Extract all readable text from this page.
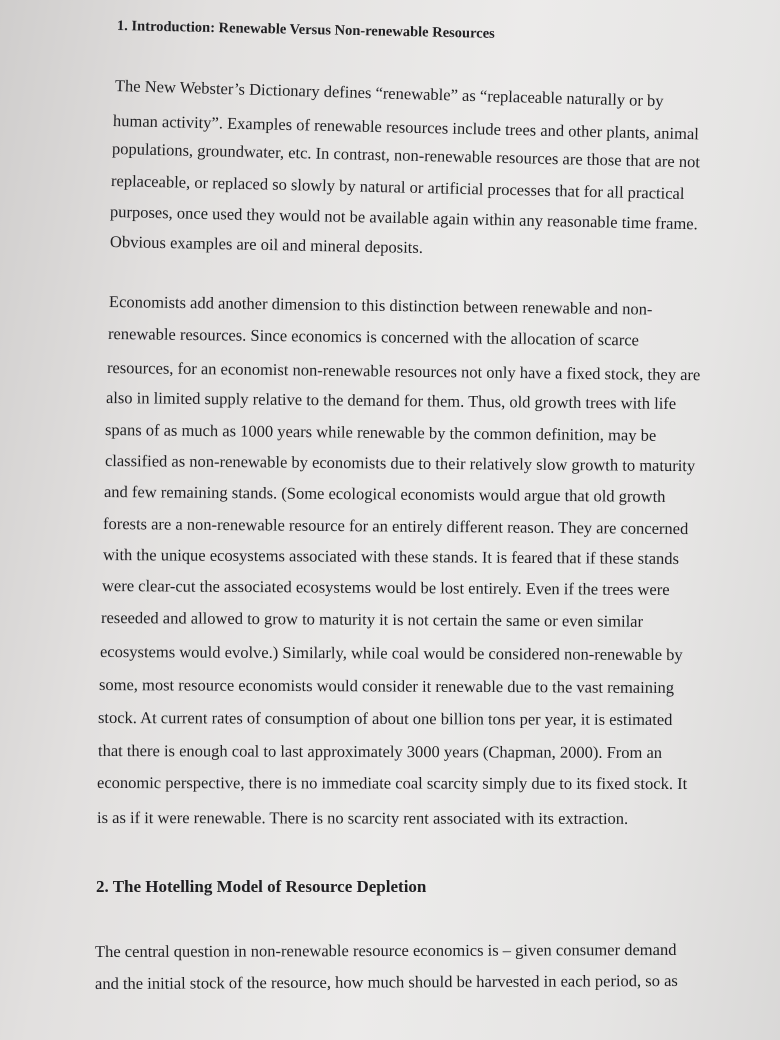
1. Introduction: Renewable Versus Non-renewable Resources
The New Webster’s Dictionary defines “renewable” as “replaceable naturally or by
human activity”. Examples of renewable resources include trees and other plants, animal
populations, groundwater, etc. In contrast, non-renewable resources are those that are not
replaceable, or replaced so slowly by natural or artificial processes that for all practical
purposes, once used they would not be available again within any reasonable time frame.
Obvious examples are oil and mineral deposits.
Economists add another dimension to this distinction between renewable and non-
renewable resources. Since economics is concerned with the allocation of scarce
resources, for an economist non-renewable resources not only have a fixed stock, they are
also in limited supply relative to the demand for them. Thus, old growth trees with life
spans of as much as 1000 years while renewable by the common definition, may be
classified as non-renewable by economists due to their relatively slow growth to maturity
and few remaining stands. (Some ecological economists would argue that old growth
forests are a non-renewable resource for an entirely different reason. They are concerned
with the unique ecosystems associated with these stands. It is feared that if these stands
were clear-cut the associated ecosystems would be lost entirely. Even if the trees were
reseeded and allowed to grow to maturity it is not certain the same or even similar
ecosystems would evolve.) Similarly, while coal would be considered non-renewable by
some, most resource economists would consider it renewable due to the vast remaining
stock. At current rates of consumption of about one billion tons per year, it is estimated
that there is enough coal to last approximately 3000 years (Chapman, 2000). From an
economic perspective, there is no immediate coal scarcity simply due to its fixed stock. It
is as if it were renewable. There is no scarcity rent associated with its extraction.
2. The Hotelling Model of Resource Depletion
The central question in non-renewable resource economics is – given consumer demand
and the initial stock of the resource, how much should be harvested in each period, so as
